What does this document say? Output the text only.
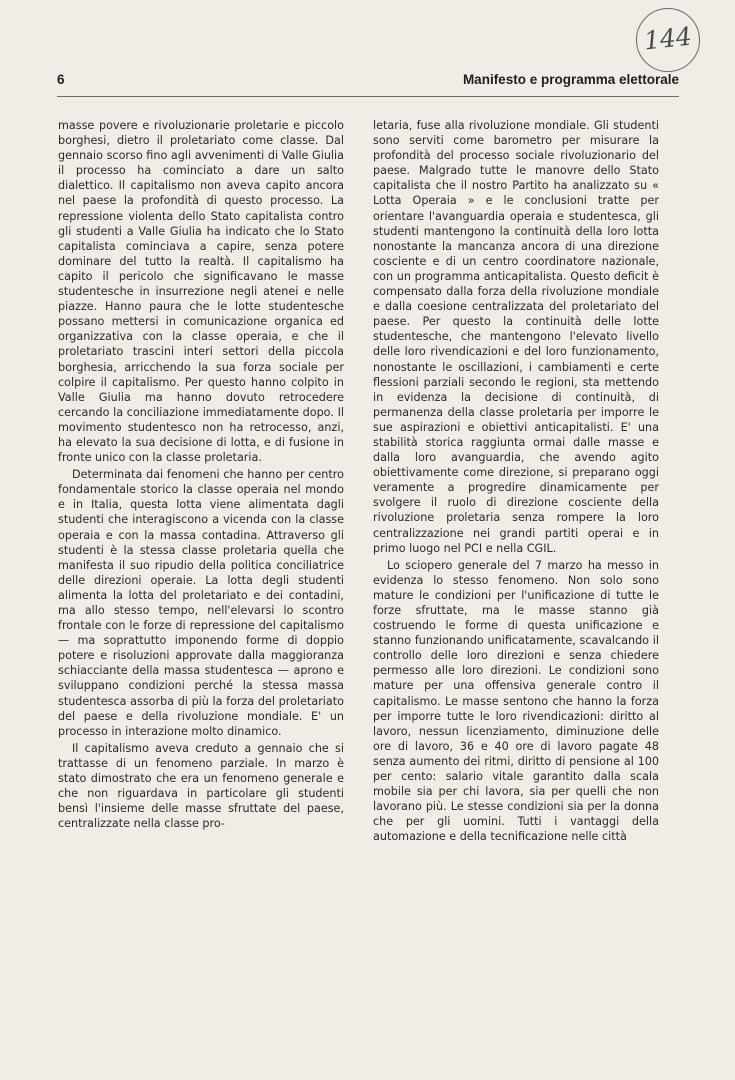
144
6	Manifesto e programma elettorale

masse povere e rivoluzionarie proletarie e piccolo borghesi, dietro il proletariato come classe. Dal gennaio scorso fino agli avvenimenti di Valle Giulia il processo ha cominciato a dare un salto dialettico. Il capitalismo non aveva capito ancora nel paese la profondità di questo processo. La repressione violenta dello Stato capitalista contro gli studenti a Valle Giulia ha indicato che lo Stato capitalista cominciava a capire, senza potere dominare del tutto la realtà. Il capitalismo ha capito il pericolo che significavano le masse studentesche in insurrezione negli atenei e nelle piazze. Hanno paura che le lotte studentesche possano mettersi in comunicazione organica ed organizzativa con la classe operaia, e che il proletariato trascini interi settori della piccola borghesia, arricchendo la sua forza sociale per colpire il capitalismo. Per questo hanno colpito in Valle Giulia ma hanno dovuto retrocedere cercando la conciliazione immediatamente dopo. Il movimento studentesco non ha retrocesso, anzi, ha elevato la sua decisione di lotta, e di fusione in fronte unico con la classe proletaria.

Determinata dai fenomeni che hanno per centro fondamentale storico la classe operaia nel mondo e in Italia, questa lotta viene alimentata dagli studenti che interagiscono a vicenda con la classe operaia e con la massa contadina. Attraverso gli studenti è la stessa classe proletaria quella che manifesta il suo ripudio della politica conciliatrice delle direzioni operaie. La lotta degli studenti alimenta la lotta del proletariato e dei contadini, ma allo stesso tempo, nell'elevarsi lo scontro frontale con le forze di repressione del capitalismo — ma soprattutto imponendo forme di doppio potere e risoluzioni approvate dalla maggioranza schiacciante della massa studentesca — aprono e sviluppano condizioni perché la stessa massa studentesca assorba di più la forza del proletariato del paese e della rivoluzione mondiale. E' un processo in interazione molto dinamico.

Il capitalismo aveva creduto a gennaio che si trattasse di un fenomeno parziale. In marzo è stato dimostrato che era un fenomeno generale e che non riguardava in particolare gli studenti bensì l'insieme delle masse sfruttate del paese, centralizzate nella classe pro-

letaria, fuse alla rivoluzione mondiale. Gli studenti sono serviti come barometro per misurare la profondità del processo sociale rivoluzionario del paese. Malgrado tutte le manovre dello Stato capitalista che il nostro Partito ha analizzato su « Lotta Operaia » e le conclusioni tratte per orientare l'avanguardia operaia e studentesca, gli studenti mantengono la continuità della loro lotta nonostante la mancanza ancora di una direzione cosciente e di un centro coordinatore nazionale, con un programma anticapitalista. Questo deficit è compensato dalla forza della rivoluzione mondiale e dalla coesione centralizzata del proletariato del paese. Per questo la continuità delle lotte studentesche, che mantengono l'elevato livello delle loro rivendicazioni e del loro funzionamento, nonostante le oscillazioni, i cambiamenti e certe flessioni parziali secondo le regioni, sta mettendo in evidenza la decisione di continuità, di permanenza della classe proletaria per imporre le sue aspirazioni e obiettivi anticapitalisti. E' una stabilità storica raggiunta ormai dalle masse e dalla loro avanguardia, che avendo agito obiettivamente come direzione, si preparano oggi veramente a progredire dinamicamente per svolgere il ruolo di direzione cosciente della rivoluzione proletaria senza rompere la loro centralizzazione nei grandi partiti operai e in primo luogo nel PCI e nella CGIL.

Lo sciopero generale del 7 marzo ha messo in evidenza lo stesso fenomeno. Non solo sono mature le condizioni per l'unificazione di tutte le forze sfruttate, ma le masse stanno già costruendo le forme di questa unificazione e stanno funzionando unificatamente, scavalcando il controllo delle loro direzioni e senza chiedere permesso alle loro direzioni. Le condizioni sono mature per una offensiva generale contro il capitalismo. Le masse sentono che hanno la forza per imporre tutte le loro rivendicazioni: diritto al lavoro, nessun licenziamento, diminuzione delle ore di lavoro, 36 e 40 ore di lavoro pagate 48 senza aumento dei ritmi, diritto di pensione al 100 per cento: salario vitale garantito dalla scala mobile sia per chi lavora, sia per quelli che non lavorano più. Le stesse condizioni sia per la donna che per gli uomini. Tutti i vantaggi della automazione e della tecnificazione nelle città
